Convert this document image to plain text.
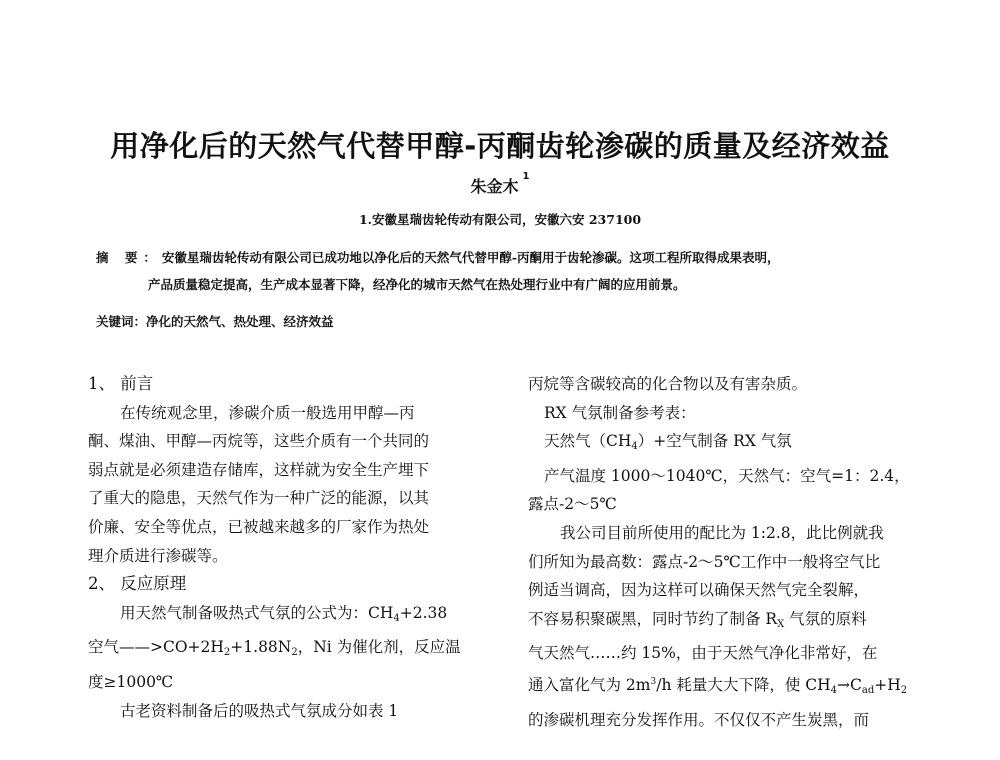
用净化后的天然气代替甲醇-丙酮齿轮渗碳的质量及经济效益
朱金木$^1$
1.安徽星瑞齿轮传动有限公司，安徽六安 237100
摘 要：安徽星瑞齿轮传动有限公司已成功地以净化后的天然气代替甲醇-丙酮用于齿轮渗碳。这项工程所取得成果表明，
产品质量稳定提高，生产成本显著下降，经净化的城市天然气在热处理行业中有广阔的应用前景。
关键词：净化的天然气、热处理、经济效益

1、 前言

在传统观念里，渗碳介质一般选用甲醇—丙

酮、煤油、甲醇—丙烷等，这些介质有一个共同的

弱点就是必须建造存储库，这样就为安全生产埋下

了重大的隐患，天然气作为一种广泛的能源，以其

价廉、安全等优点，已被越来越多的厂家作为热处

理介质进行渗碳等。

2、 反应原理

用天然气制备吸热式气氛的公式为：$CH_4+2.38$

空气$——>CO+2H_2+1.88N_2$，Ni 为催化剂，反应温

度≥1000℃

古老资料制备后的吸热式气氛成分如表 1

丙烷等含碳较高的化合物以及有害杂质。

RX 气氛制备参考表：

天然气$(CH_4)+$空气制备 RX 气氛

产气温度 1000～1040℃，天然气：空气=1：2.4，

露点-2～5℃

我公司目前所使用的配比为 1:2.8，此比例就我

们所知为最高数：露点-2～5℃工作中一般将空气比

例适当调高，因为这样可以确保天然气完全裂解，

不容易积聚碳黑，同时节约了制备 $R_X$ 气氛的原料

气天然气……约 15%，由于天然气净化非常好，在

通入富化气为 $2m^3/h$ 耗量大大下降，使 $CH_4\to C_{ad}+H_2$

的渗碳机理充分发挥作用。不仅仅不产生炭黑，而
